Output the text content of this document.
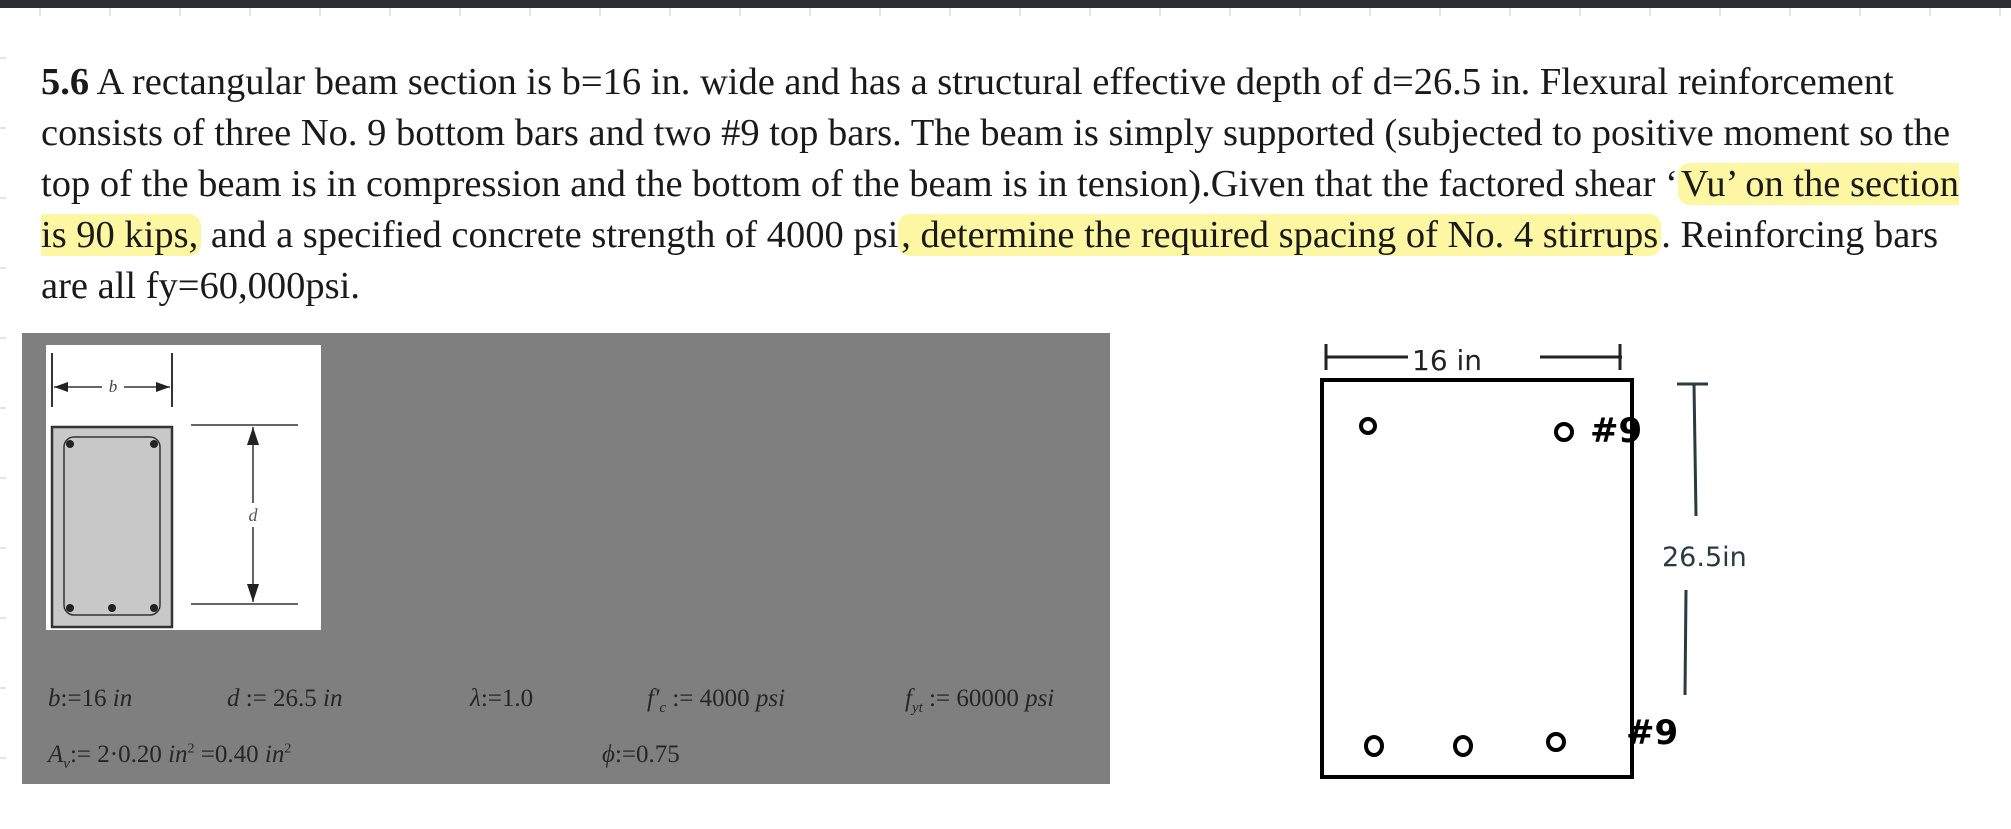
5.6 A rectangular beam section is b=16 in. wide and has a structural effective depth of d=26.5 in. Flexural reinforcement consists of three No. 9 bottom bars and two #9 top bars. The beam is simply supported (subjected to positive moment so the top of the beam is in compression and the bottom of the beam is in tension).Given that the factored shear ‘Vu’ on the section is 90 kips, and a specified concrete strength of 4000 psi, determine the required spacing of No. 4 stirrups. Reinforcing bars are all fy=60,000psi.
b
d
b:=16 in	d := 26.5 in	λ:=1.0	$f'_c$ := 4000 psi	$f_{yt}$ := 60000 psi
$A_v:= 2\cdot 0.20$ $in^2 =0.40$ $in^2$	ϕ:=0.75
16 in
#9
#9
26.5in
